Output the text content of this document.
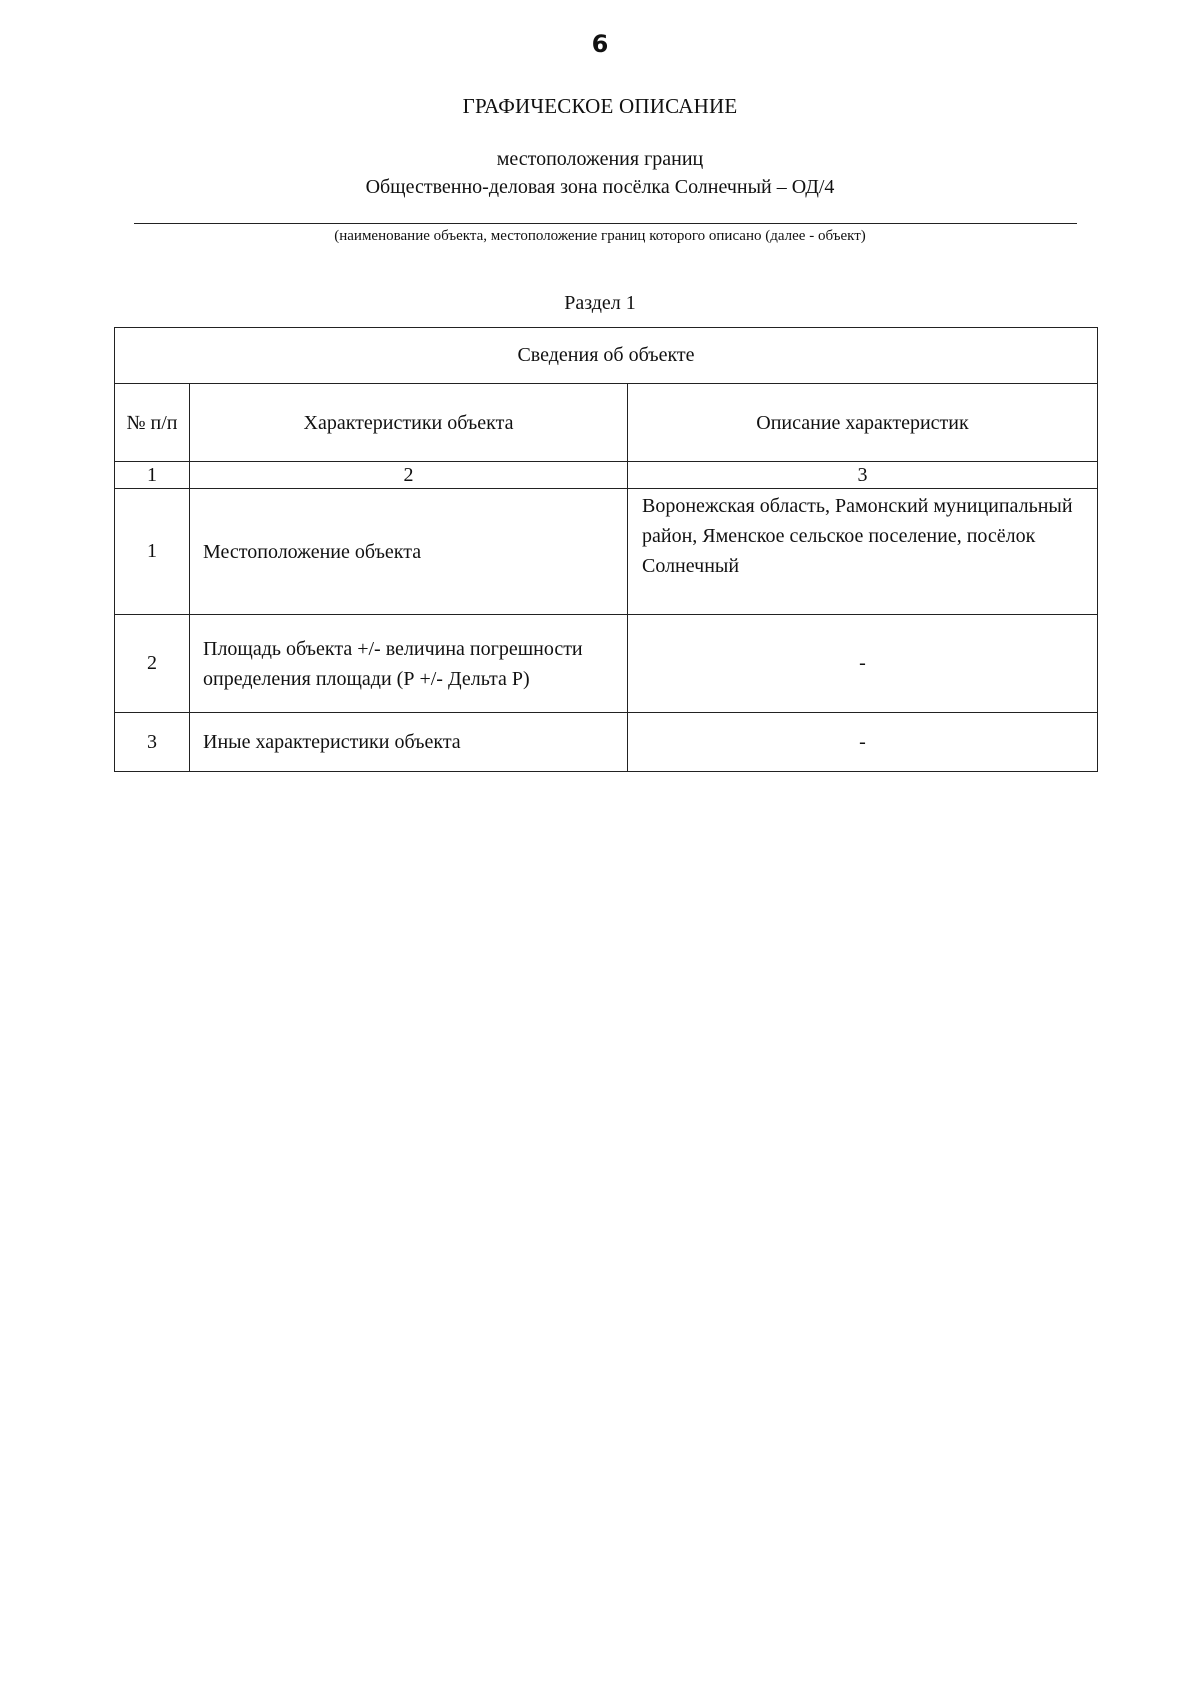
6
ГРАФИЧЕСКОЕ ОПИСАНИЕ
местоположения границ
Общественно-деловая зона посёлка Солнечный – ОД/4
(наименование объекта, местоположение границ которого описано (далее - объект)
Раздел 1
Сведения об объекте		
№ п/п	Характеристики объекта	Описание характеристик
1	2	3
1	Местоположение объекта	Воронежская область, Рамонский муниципальный район, Яменское сельское поселение, посёлок Солнечный
2	Площадь объекта +/- величина погрешности определения площади (Р +/- Дельта Р)	-
3	Иные характеристики объекта	-
